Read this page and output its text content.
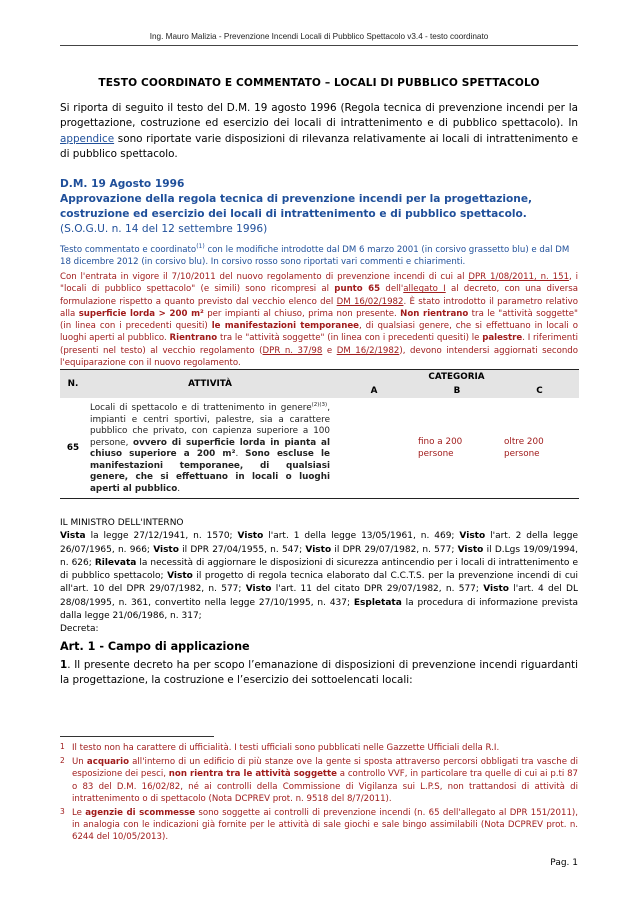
Ing. Mauro Malizia - Prevenzione Incendi Locali di Pubblico Spettacolo v3.4 - testo coordinato
TESTO COORDINATO E COMMENTATO – LOCALI DI PUBBLICO SPETTACOLO
Si riporta di seguito il testo del D.M. 19 agosto 1996 (Regola tecnica di prevenzione incendi per la progettazione, costruzione ed esercizio dei locali di intrattenimento e di pubblico spettacolo). In appendice sono riportate varie disposizioni di rilevanza relativamente ai locali di intrattenimento e di pubblico spettacolo.
D.M. 19 Agosto 1996
Approvazione della regola tecnica di prevenzione incendi per la progettazione, costruzione ed esercizio dei locali di intrattenimento e di pubblico spettacolo.
(S.O.G.U. n. 14 del 12 settembre 1996)
Testo commentato e coordinato$^{(1)}$ con le modifiche introdotte dal DM 6 marzo 2001 (in corsivo grassetto blu) e dal DM 18 dicembre 2012 (in corsivo blu). In corsivo rosso sono riportati vari commenti e chiarimenti.
Con l'entrata in vigore il 7/10/2011 del nuovo regolamento di prevenzione incendi di cui al DPR 1/08/2011, n. 151, i "locali di pubblico spettacolo" (e simili) sono ricompresi al punto 65 dell'allegato I al decreto, con una diversa formulazione rispetto a quanto previsto dal vecchio elenco del DM 16/02/1982. È stato introdotto il parametro relativo alla superficie lorda > 200 m² per impianti al chiuso, prima non presente. Non rientrano tra le "attività soggette" (in linea con i precedenti quesiti) le manifestazioni temporanee, di qualsiasi genere, che si effettuano in locali o luoghi aperti al pubblico. Rientrano tra le "attività soggette" (in linea con i precedenti quesiti) le palestre. I riferimenti (presenti nel testo) al vecchio regolamento (DPR n. 37/98 e DM 16/2/1982), devono intendersi aggiornati secondo l'equiparazione con il nuovo regolamento.
N.	ATTIVITÀ	CATEGORIA		
		A	B	C
65	Locali di spettacolo e di trattenimento in genere$^{(2)(3)}$, impianti e centri sportivi, palestre, sia a carattere pubblico che privato, con capienza superiore a 100 persone, ovvero di superficie lorda in pianta al chiuso superiore a 200 m². Sono escluse le manifestazioni temporanee, di qualsiasi genere, che si effettuano in locali o luoghi aperti al pubblico.		fino a 200 persone	oltre 200 persone
IL MINISTRO DELL'INTERNO
Vista la legge 27/12/1941, n. 1570; Visto l'art. 1 della legge 13/05/1961, n. 469; Visto l'art. 2 della legge 26/07/1965, n. 966; Visto il DPR 27/04/1955, n. 547; Visto il DPR 29/07/1982, n. 577; Visto il D.Lgs 19/09/1994, n. 626; Rilevata la necessità di aggiornare le disposizioni di sicurezza antincendio per i locali di intrattenimento e di pubblico spettacolo; Visto il progetto di regola tecnica elaborato dal C.C.T.S. per la prevenzione incendi di cui all'art. 10 del DPR 29/07/1982, n. 577; Visto l'art. 11 del citato DPR 29/07/1982, n. 577; Visto l'art. 4 del DL 28/08/1995, n. 361, convertito nella legge 27/10/1995, n. 437; Espletata la procedura di informazione prevista dalla legge 21/06/1986, n. 317;
Decreta:
Art. 1 - Campo di applicazione
1. Il presente decreto ha per scopo l’emanazione di disposizioni di prevenzione incendi riguardanti la progettazione, la costruzione e l’esercizio dei sottoelencati locali:
1 Il testo non ha carattere di ufficialità. I testi ufficiali sono pubblicati nelle Gazzette Ufficiali della R.I.
2 Un acquario all'interno di un edificio di più stanze ove la gente si sposta attraverso percorsi obbligati tra vasche di esposizione dei pesci, non rientra tra le attività soggette a controllo VVF, in particolare tra quelle di cui ai p.ti 87 o 83 del D.M. 16/02/82, né ai controlli della Commissione di Vigilanza sui L.P.S, non trattandosi di attività di intrattenimento o di spettacolo (Nota DCPREV prot. n. 9518 del 8/7/2011).
3 Le agenzie di scommesse sono soggette ai controlli di prevenzione incendi (n. 65 dell'allegato al DPR 151/2011), in analogia con le indicazioni già fornite per le attività di sale giochi e sale bingo assimilabili (Nota DCPREV prot. n. 6244 del 10/05/2013).
Pag. 1
